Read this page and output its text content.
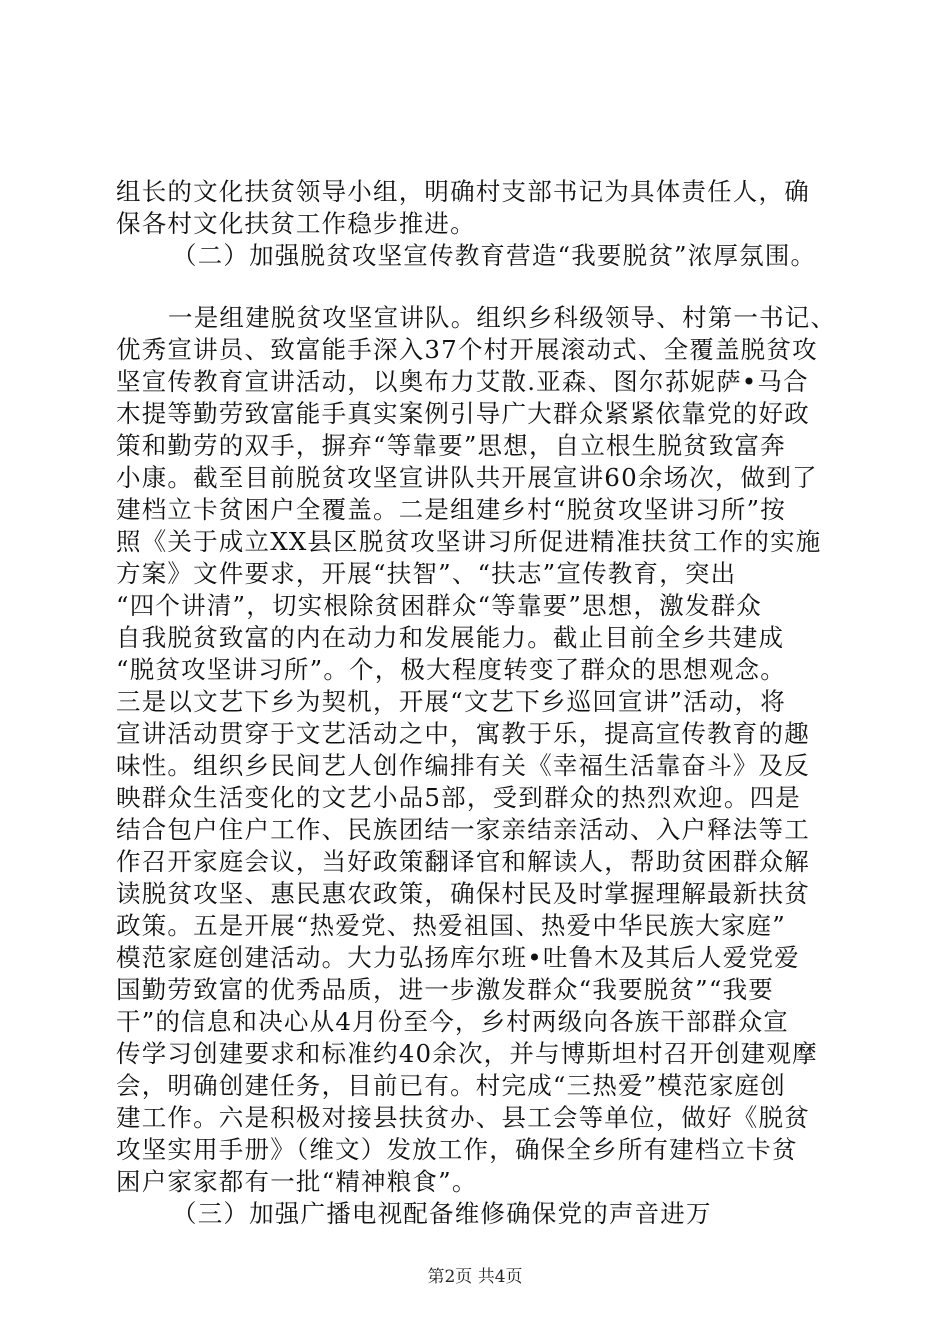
组长的文化扶贫领导小组，明确村支部书记为具体责任人，确
保各村文化扶贫工作稳步推进。
（二）加强脱贫攻坚宣传教育营造“我要脱贫”浓厚氛围。
一是组建脱贫攻坚宣讲队。组织乡科级领导、村第一书记、
优秀宣讲员、致富能手深入37个村开展滚动式、全覆盖脱贫攻
坚宣传教育宣讲活动，以奥布力艾散.亚森、图尔荪妮萨•马合
木提等勤劳致富能手真实案例引导广大群众紧紧依靠党的好政
策和勤劳的双手，摒弃“等靠要”思想，自立根生脱贫致富奔
小康。截至目前脱贫攻坚宣讲队共开展宣讲60余场次，做到了
建档立卡贫困户全覆盖。二是组建乡村“脱贫攻坚讲习所”按
照《关于成立XX县区脱贫攻坚讲习所促进精准扶贫工作的实施
方案》文件要求，开展“扶智”、“扶志”宣传教育，突出
“四个讲清”，切实根除贫困群众“等靠要”思想，激发群众
自我脱贫致富的内在动力和发展能力。截止目前全乡共建成
“脱贫攻坚讲习所”。个，极大程度转变了群众的思想观念。
三是以文艺下乡为契机，开展“文艺下乡巡回宣讲”活动，将
宣讲活动贯穿于文艺活动之中，寓教于乐，提高宣传教育的趣
味性。组织乡民间艺人创作编排有关《幸福生活靠奋斗》及反
映群众生活变化的文艺小品5部，受到群众的热烈欢迎。四是
结合包户住户工作、民族团结一家亲结亲活动、入户释法等工
作召开家庭会议，当好政策翻译官和解读人，帮助贫困群众解
读脱贫攻坚、惠民惠农政策，确保村民及时掌握理解最新扶贫
政策。五是开展“热爱党、热爱祖国、热爱中华民族大家庭”
模范家庭创建活动。大力弘扬库尔班•吐鲁木及其后人爱党爱
国勤劳致富的优秀品质，进一步激发群众“我要脱贫”“我要
干”的信息和决心从4月份至今，乡村两级向各族干部群众宣
传学习创建要求和标准约40余次，并与博斯坦村召开创建观摩
会，明确创建任务，目前已有。村完成“三热爱”模范家庭创
建工作。六是积极对接县扶贫办、县工会等单位，做好《脱贫
攻坚实用手册》（维文）发放工作，确保全乡所有建档立卡贫
困户家家都有一批“精神粮食”。
（三）加强广播电视配备维修确保党的声音进万
第2页 共4页
